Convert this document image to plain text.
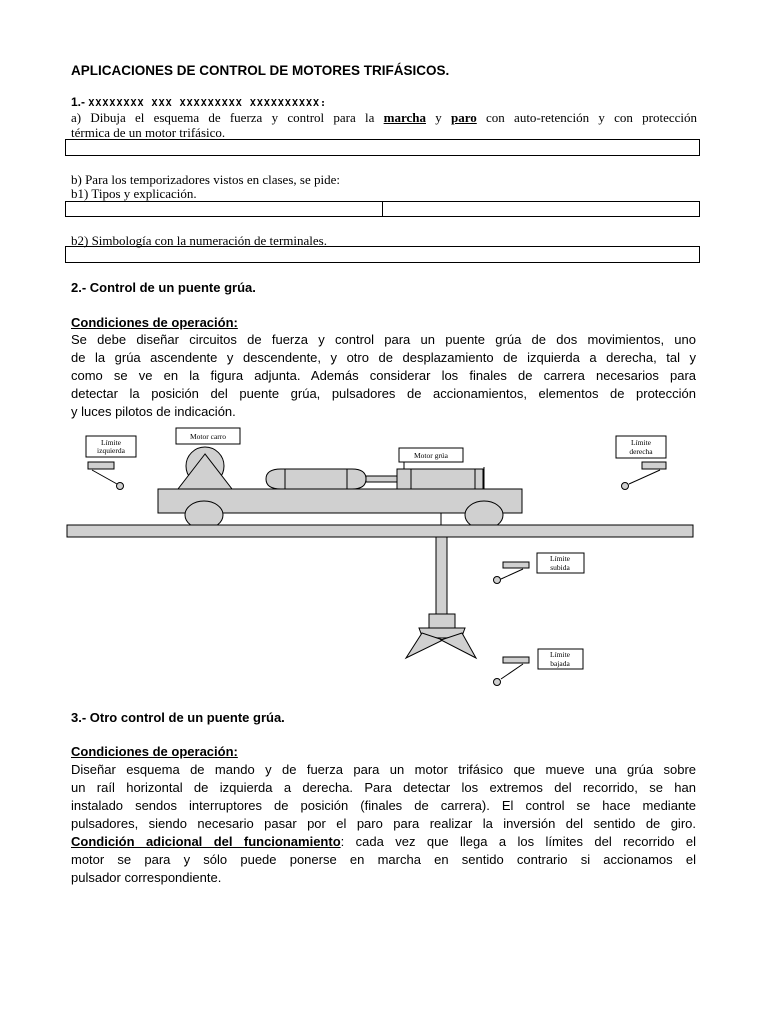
APLICACIONES DE CONTROL DE MOTORES TRIFÁSICOS.
1.- XXXXXXXX XXX XXXXXXXXX XXXXXXXXXX:
a) Dibuja el esquema de fuerza y control para la marcha y paro con auto-retención y con protección
térmica de un motor trifásico.
b) Para los temporizadores vistos en clases, se pide:
b1) Tipos y explicación.
b2) Simbología con la numeración de terminales.
2.- Control de un puente grúa.
Condiciones de operación:
Se debe diseñar circuitos de fuerza y control para un puente grúa de dos movimientos, uno
de la grúa ascendente y descendente, y otro de desplazamiento de izquierda a derecha, tal y
como se ve en la figura adjunta. Además considerar los finales de carrera necesarios para
detectar la posición del puente grúa, pulsadores de accionamientos, elementos de protección
y luces pilotos de indicación.
Límite
izquierda
Motor carro
Motor grúa
Límite
derecha
Límite
subida
Límite
bajada
3.- Otro control de un puente grúa.
Condiciones de operación:
Diseñar esquema de mando y de fuerza para un motor trifásico que mueve una grúa sobre
un raíl horizontal de izquierda a derecha. Para detectar los extremos del recorrido, se han
instalado sendos interruptores de posición (finales de carrera). El control se hace mediante
pulsadores, siendo necesario pasar por el paro para realizar la inversión del sentido de giro.
Condición adicional del funcionamiento: cada vez que llega a los límites del recorrido el
motor se para y sólo puede ponerse en marcha en sentido contrario si accionamos el
pulsador correspondiente.
